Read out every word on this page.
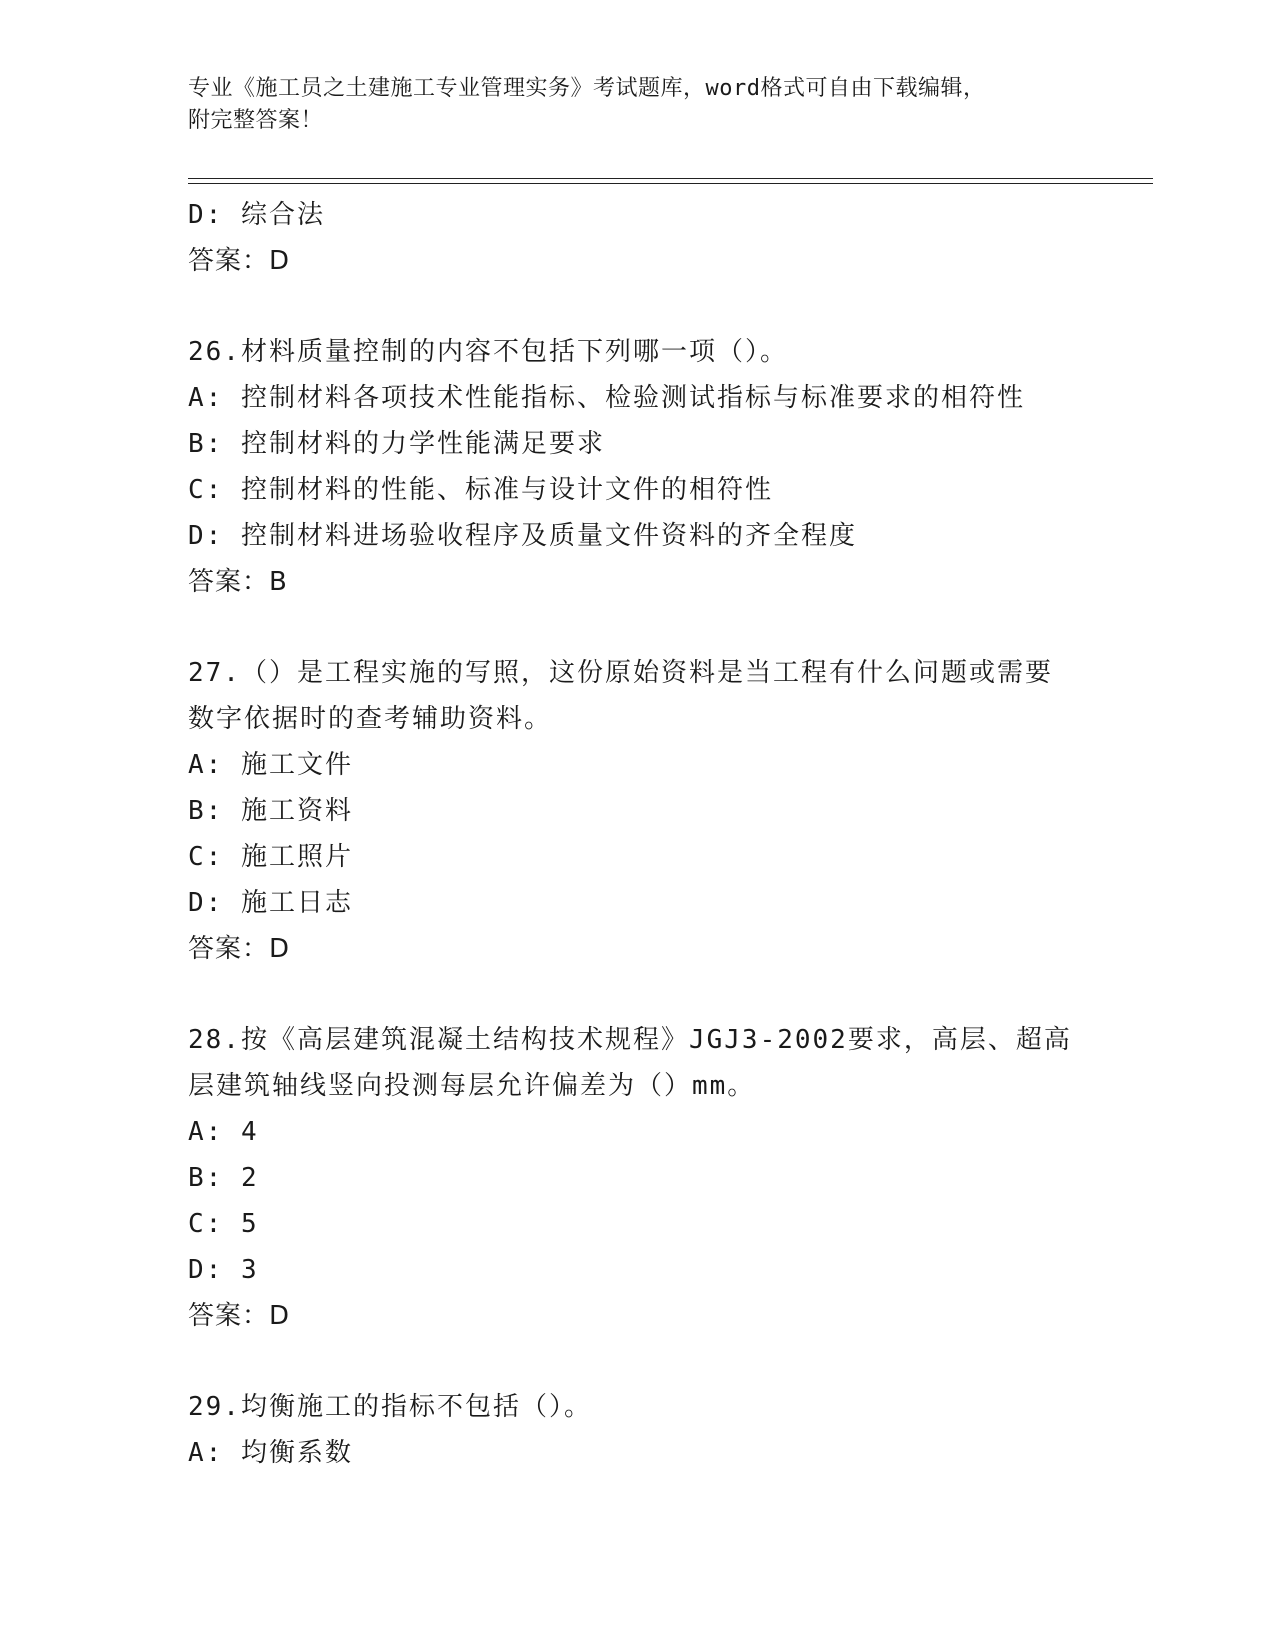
专业《施工员之土建施工专业管理实务》考试题库，word格式可自由下载编辑，
附完整答案！
D: 综合法
答案：D
26.材料质量控制的内容不包括下列哪一项（）。
A: 控制材料各项技术性能指标、检验测试指标与标准要求的相符性
B: 控制材料的力学性能满足要求
C: 控制材料的性能、标准与设计文件的相符性
D: 控制材料进场验收程序及质量文件资料的齐全程度
答案：B
27.（）是工程实施的写照，这份原始资料是当工程有什么问题或需要
数字依据时的查考辅助资料。
A: 施工文件
B: 施工资料
C: 施工照片
D: 施工日志
答案：D
28.按《高层建筑混凝土结构技术规程》JGJ3-2002要求，高层、超高
层建筑轴线竖向投测每层允许偏差为（）mm。
A: 4
B: 2
C: 5
D: 3
答案：D
29.均衡施工的指标不包括（）。
A: 均衡系数
